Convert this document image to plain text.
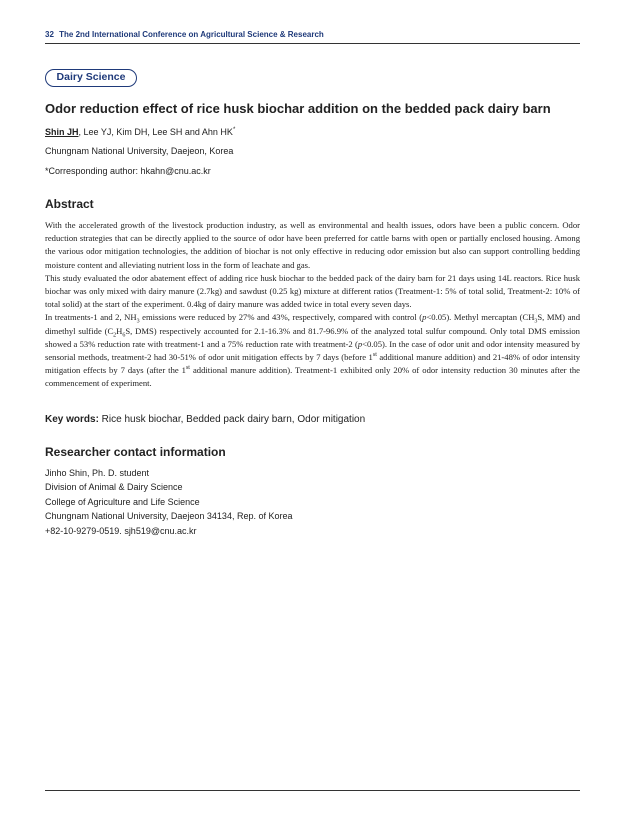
32 The 2nd International Conference on Agricultural Science & Research
Dairy Science
Odor reduction effect of rice husk biochar addition on the bedded pack dairy barn
Shin JH, Lee YJ, Kim DH, Lee SH and Ahn HK*
Chungnam National University, Daejeon, Korea
*Corresponding author: hkahn@cnu.ac.kr
Abstract

With the accelerated growth of the livestock production industry, as well as environmental and health issues, odors have been a public concern. Odor reduction strategies that can be directly applied to the source of odor have been preferred for cattle barns with open or partially enclosed housing. Among the various odor mitigation technologies, the addition of biochar is not only effective in reducing odor emission but also can support controlling bedding moisture content and alleviating nutrient loss in the form of leachate and gas.

This study evaluated the odor abatement effect of adding rice husk biochar to the bedded pack of the dairy barn for 21 days using 14L reactors. Rice husk biochar was only mixed with dairy manure (2.7kg) and sawdust (0.25 kg) mixture at different ratios (Treatment-1: 5% of total solid, Treatment-2: 10% of total solid) at the start of the experiment. 0.4kg of dairy manure was added twice in total every seven days.

In treatments-1 and 2, $NH_3$ emissions were reduced by 27% and 43%, respectively, compared with control (p<0.05). Methyl mercaptan ($CH_3S$, MM) and dimethyl sulfide ($C_2H_6S$, DMS) respectively accounted for 2.1-16.3% and 81.7-96.9% of the analyzed total sulfur compound. Only total DMS emission showed a 53% reduction rate with treatment-1 and a 75% reduction rate with treatment-2 (p<0.05). In the case of odor unit and odor intensity measured by sensorial methods, treatment-2 had 30-51% of odor unit mitigation effects by 7 days (before 1st additional manure addition) and 21-48% of odor intensity mitigation effects by 7 days (after the 1st additional manure addition). Treatment-1 exhibited only 20% of odor intensity reduction 30 minutes after the commencement of experiment.

Key words: Rice husk biochar, Bedded pack dairy barn, Odor mitigation
Researcher contact information
Jinho Shin, Ph. D. student
Division of Animal & Dairy Science
College of Agriculture and Life Science
Chungnam National University, Daejeon 34134, Rep. of Korea
+82-10-9279-0519. sjh519@cnu.ac.kr
